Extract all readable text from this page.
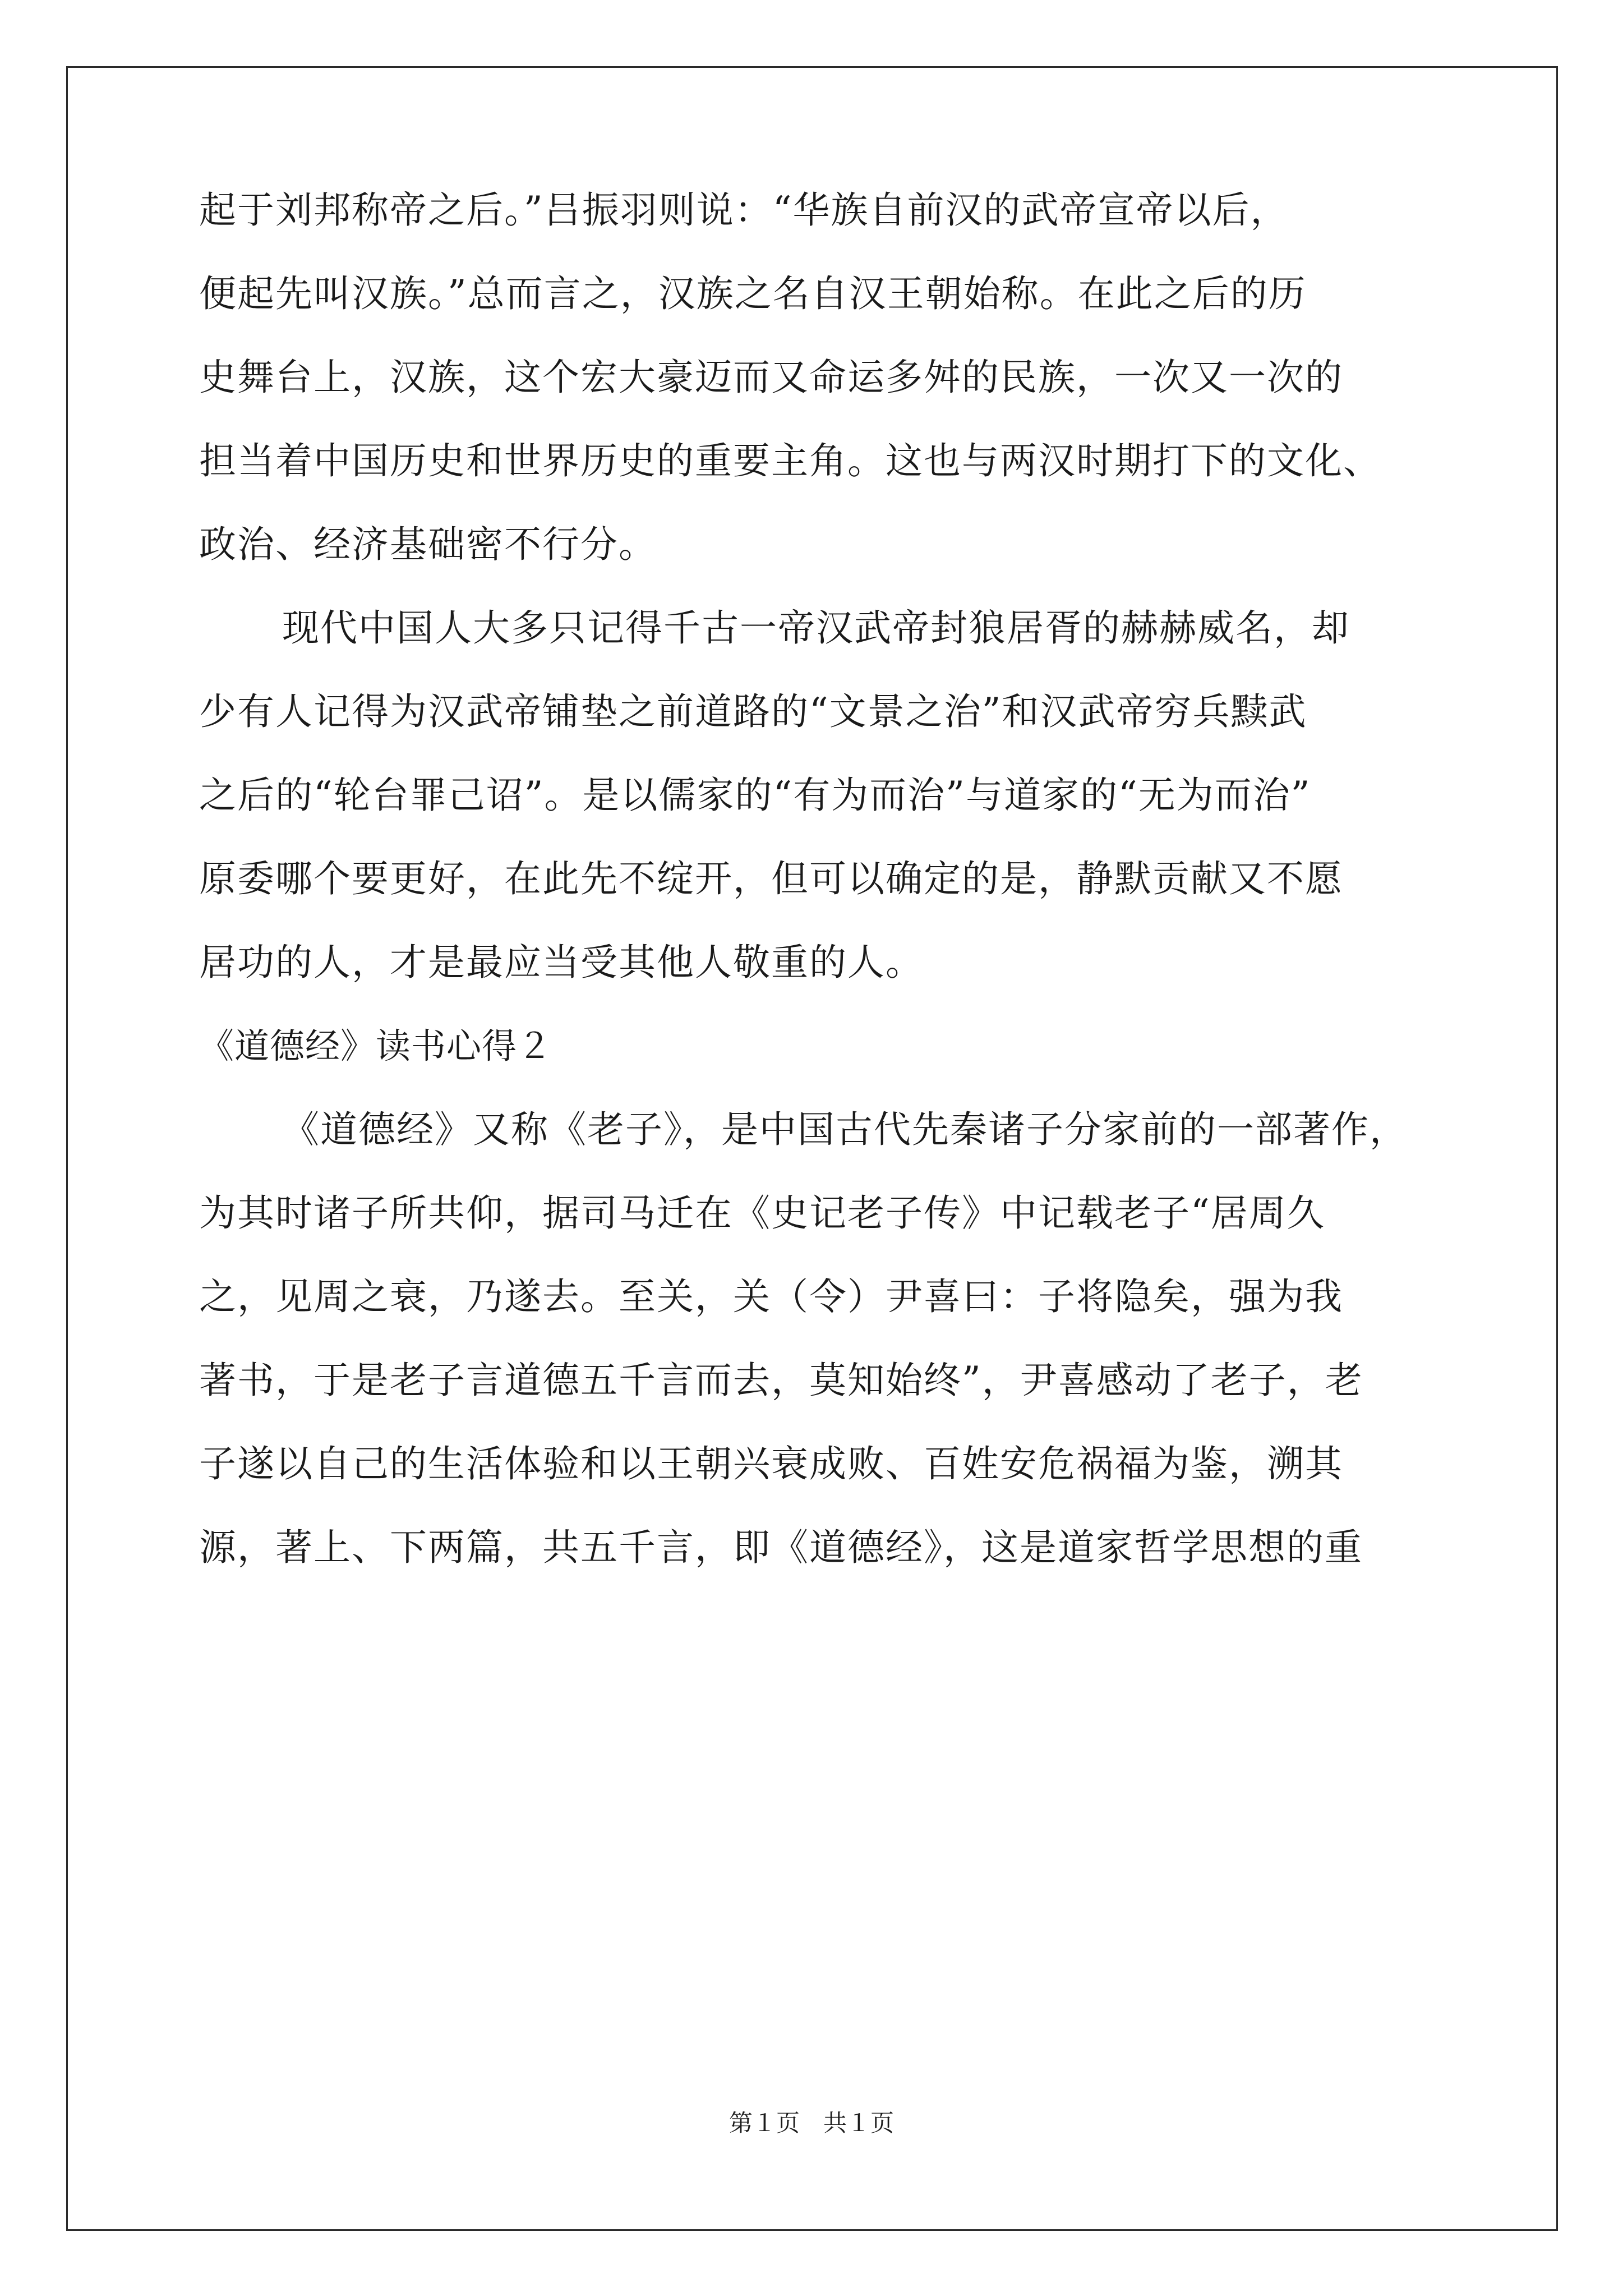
起于刘邦称帝之后。”吕振羽则说：“华族自前汉的武帝宣帝以后，
便起先叫汉族。”总而言之，汉族之名自汉王朝始称。在此之后的历
史舞台上，汉族，这个宏大豪迈而又命运多舛的民族，一次又一次的
担当着中国历史和世界历史的重要主角。这也与两汉时期打下的文化、
政治、经济基础密不行分。
现代中国人大多只记得千古一帝汉武帝封狼居胥的赫赫威名，却
少有人记得为汉武帝铺垫之前道路的“文景之治”和汉武帝穷兵黩武
之后的“轮台罪己诏”。是以儒家的“有为而治”与道家的“无为而治”
原委哪个要更好，在此先不绽开，但可以确定的是，静默贡献又不愿
居功的人，才是最应当受其他人敬重的人。
《道德经》读书心得２
《道德经》又称《老子》，是中国古代先秦诸子分家前的一部著作，
为其时诸子所共仰，据司马迁在《史记老子传》中记载老子“居周久
之，见周之衰，乃遂去。至关，关（令）尹喜曰：子将隐矣，强为我
著书，于是老子言道德五千言而去，莫知始终”，尹喜感动了老子，老
子遂以自己的生活体验和以王朝兴衰成败、百姓安危祸福为鉴，溯其
源，著上、下两篇，共五千言，即《道德经》，这是道家哲学思想的重
第１页　共１页
